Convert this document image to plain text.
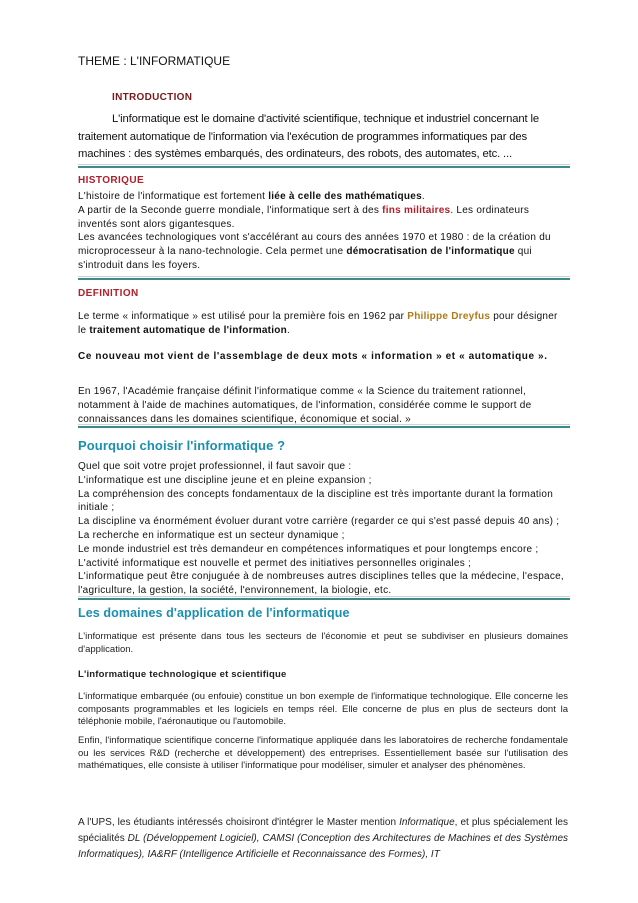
THEME : L'INFORMATIQUE

INTRODUCTION

L'informatique est le domaine d'activité scientifique, technique et industriel concernant le traitement automatique de l'information via l'exécution de programmes informatiques par des machines : des systèmes embarqués, des ordinateurs, des robots, des automates, etc. ...

HISTORIQUE

L'histoire de l'informatique est fortement liée à celle des mathématiques.
A partir de la Seconde guerre mondiale, l'informatique sert à des fins militaires. Les ordinateurs inventés sont alors gigantesques.
Les avancées technologiques vont s'accélérant au cours des années 1970 et 1980 : de la création du microprocesseur à la nano-technologie. Cela permet une démocratisation de l'informatique qui s'introduit dans les foyers.

DEFINITION

Le terme « informatique » est utilisé pour la première fois en 1962 par Philippe Dreyfus pour désigner le traitement automatique de l'information.

Ce nouveau mot vient de l'assemblage de deux mots « information » et « automatique ».

En 1967, l'Académie française définit l'informatique comme « la Science du traitement rationnel, notamment à l'aide de machines automatiques, de l'information, considérée comme le support de connaissances dans les domaines scientifique, économique et social. »

Pourquoi choisir l'informatique ?

Quel que soit votre projet professionnel, il faut savoir que :
L'informatique est une discipline jeune et en pleine expansion ;
La compréhension des concepts fondamentaux de la discipline est très importante durant la formation initiale ;
La discipline va énormément évoluer durant votre carrière (regarder ce qui s'est passé depuis 40 ans) ;
La recherche en informatique est un secteur dynamique ;
Le monde industriel est très demandeur en compétences informatiques et pour longtemps encore ;
L'activité informatique est nouvelle et permet des initiatives personnelles originales ;
L'informatique peut être conjuguée à de nombreuses autres disciplines telles que la médecine, l'espace, l'agriculture, la gestion, la société, l'environnement, la biologie, etc.

Les domaines d'application de l'informatique

L'informatique est présente dans tous les secteurs de l'économie et peut se subdiviser en plusieurs domaines d'application.

L'informatique technologique et scientifique

L'informatique embarquée (ou enfouie) constitue un bon exemple de l'informatique technologique. Elle concerne les composants programmables et les logiciels en temps réel. Elle concerne de plus en plus de secteurs dont la téléphonie mobile, l'aéronautique ou l'automobile.

Enfin, l'informatique scientifique concerne l'informatique appliquée dans les laboratoires de recherche fondamentale ou les services R&D (recherche et développement) des entreprises. Essentiellement basée sur l'utilisation des mathématiques, elle consiste à utiliser l'informatique pour modéliser, simuler et analyser des phénomènes.

A l'UPS, les étudiants intéressés choisiront d'intégrer le Master mention Informatique, et plus spécialement les spécialités DL (Développement Logiciel), CAMSI (Conception des Architectures de Machines et des Systèmes Informatiques), IA&RF (Intelligence Artificielle et Reconnaissance des Formes), IT
